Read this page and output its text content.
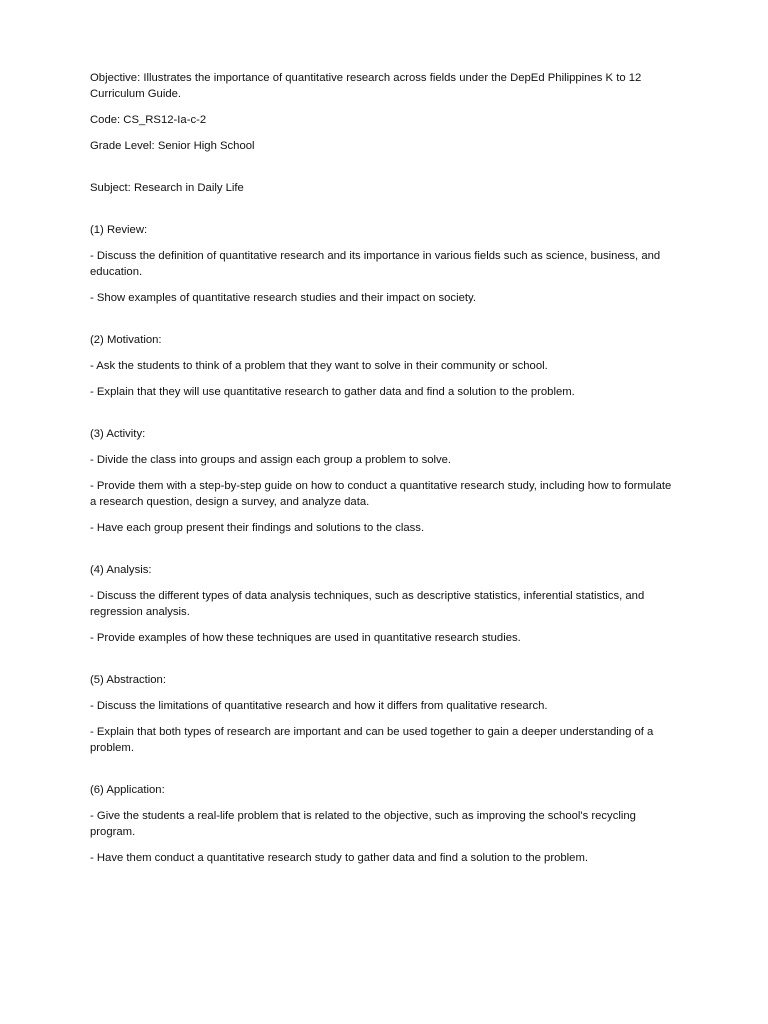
Objective: Illustrates the importance of quantitative research across fields under the DepEd Philippines K to 12 Curriculum Guide.

Code: CS_RS12-Ia-c-2

Grade Level: Senior High School

Subject: Research in Daily Life

(1) Review:

- Discuss the definition of quantitative research and its importance in various fields such as science, business, and education.

- Show examples of quantitative research studies and their impact on society.

(2) Motivation:

- Ask the students to think of a problem that they want to solve in their community or school.

- Explain that they will use quantitative research to gather data and find a solution to the problem.

(3) Activity:

- Divide the class into groups and assign each group a problem to solve.

- Provide them with a step-by-step guide on how to conduct a quantitative research study, including how to formulate a research question, design a survey, and analyze data.

- Have each group present their findings and solutions to the class.

(4) Analysis:

- Discuss the different types of data analysis techniques, such as descriptive statistics, inferential statistics, and regression analysis.

- Provide examples of how these techniques are used in quantitative research studies.

(5) Abstraction:

- Discuss the limitations of quantitative research and how it differs from qualitative research.

- Explain that both types of research are important and can be used together to gain a deeper understanding of a problem.

(6) Application:

- Give the students a real-life problem that is related to the objective, such as improving the school's recycling program.

- Have them conduct a quantitative research study to gather data and find a solution to the problem.
